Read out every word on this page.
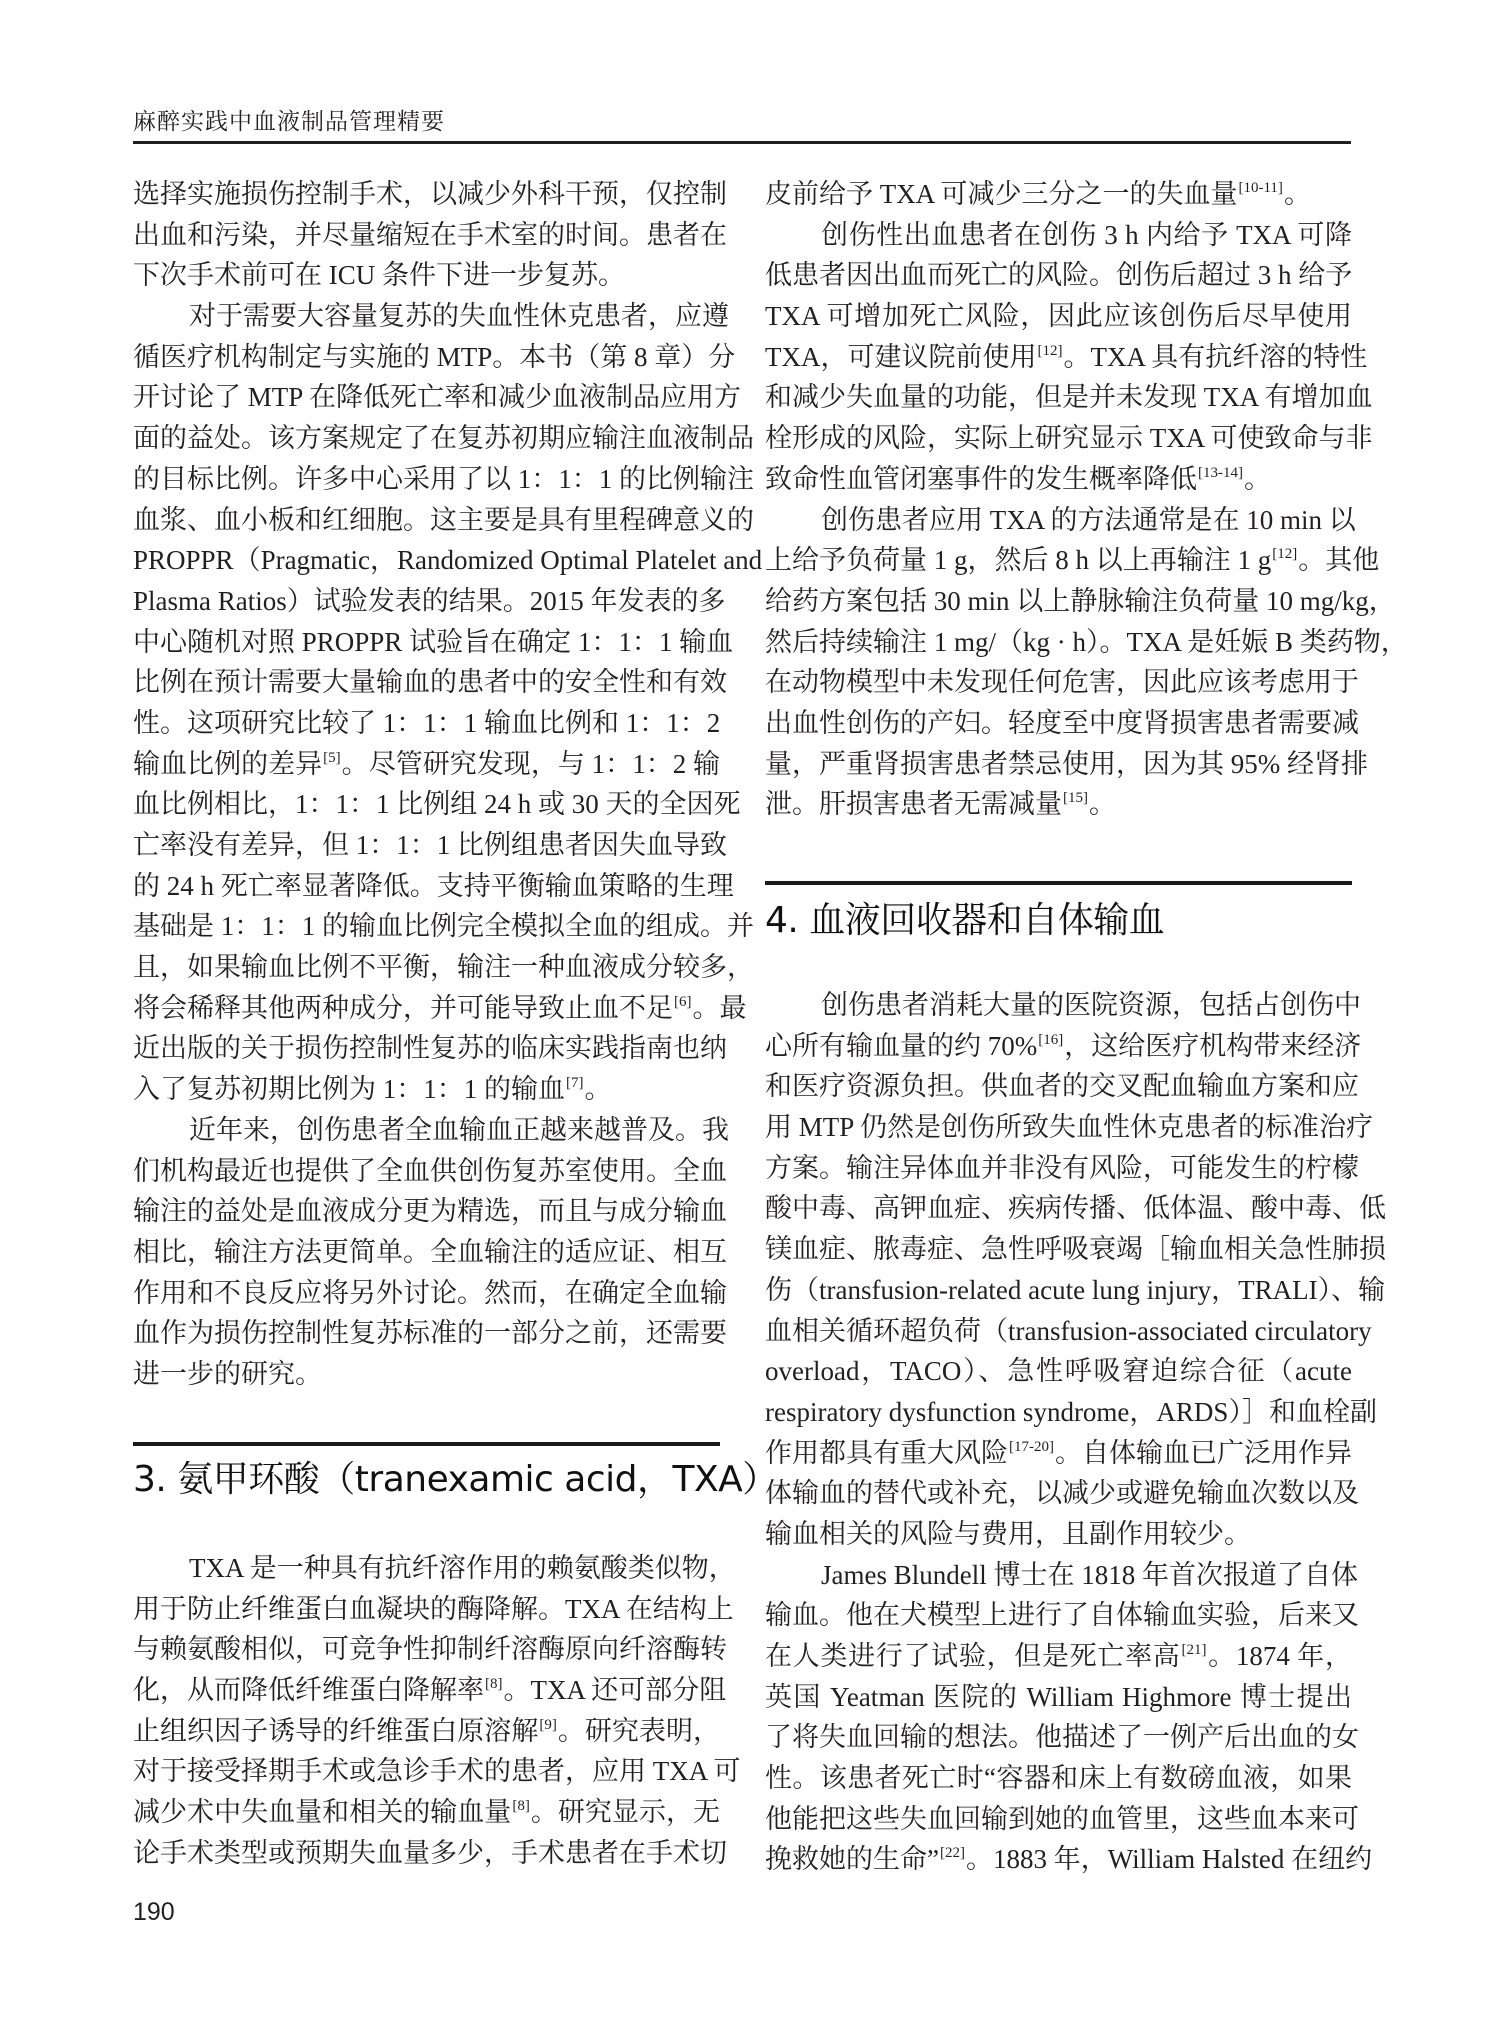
麻醉实践中血液制品管理精要
选择实施损伤控制手术，以减少外科干预，仅控制
出血和污染，并尽量缩短在手术室的时间。患者在
下次手术前可在 ICU 条件下进一步复苏。
对于需要大容量复苏的失血性休克患者，应遵
循医疗机构制定与实施的 MTP。本书（第 8 章）分
开讨论了 MTP 在降低死亡率和减少血液制品应用方
面的益处。该方案规定了在复苏初期应输注血液制品
的目标比例。许多中心采用了以 1：1：1 的比例输注
血浆、血小板和红细胞。这主要是具有里程碑意义的
PROPPR（Pragmatic，Randomized Optimal Platelet and
Plasma Ratios）试验发表的结果。2015 年发表的多
中心随机对照 PROPPR 试验旨在确定 1：1：1 输血
比例在预计需要大量输血的患者中的安全性和有效
性。这项研究比较了 1：1：1 输血比例和 1：1：2
输血比例的差异[5]。尽管研究发现，与 1：1：2 输
血比例相比，1：1：1 比例组 24 h 或 30 天的全因死
亡率没有差异，但 1：1：1 比例组患者因失血导致
的 24 h 死亡率显著降低。支持平衡输血策略的生理
基础是 1：1：1 的输血比例完全模拟全血的组成。并
且，如果输血比例不平衡，输注一种血液成分较多，
将会稀释其他两种成分，并可能导致止血不足[6]。最
近出版的关于损伤控制性复苏的临床实践指南也纳
入了复苏初期比例为 1：1：1 的输血[7]。
近年来，创伤患者全血输血正越来越普及。我
们机构最近也提供了全血供创伤复苏室使用。全血
输注的益处是血液成分更为精选，而且与成分输血
相比，输注方法更简单。全血输注的适应证、相互
作用和不良反应将另外讨论。然而，在确定全血输
血作为损伤控制性复苏标准的一部分之前，还需要
进一步的研究。
3. 氨甲环酸（tranexamic acid，TXA）
TXA 是一种具有抗纤溶作用的赖氨酸类似物，
用于防止纤维蛋白血凝块的酶降解。TXA 在结构上
与赖氨酸相似，可竞争性抑制纤溶酶原向纤溶酶转
化，从而降低纤维蛋白降解率[8]。TXA 还可部分阻
止组织因子诱导的纤维蛋白原溶解[9]。研究表明，
对于接受择期手术或急诊手术的患者，应用 TXA 可
减少术中失血量和相关的输血量[8]。研究显示，无
论手术类型或预期失血量多少，手术患者在手术切
皮前给予 TXA 可减少三分之一的失血量[10-11]。
创伤性出血患者在创伤 3 h 内给予 TXA 可降
低患者因出血而死亡的风险。创伤后超过 3 h 给予
TXA 可增加死亡风险，因此应该创伤后尽早使用
TXA，可建议院前使用[12]。TXA 具有抗纤溶的特性
和减少失血量的功能，但是并未发现 TXA 有增加血
栓形成的风险，实际上研究显示 TXA 可使致命与非
致命性血管闭塞事件的发生概率降低[13-14]。
创伤患者应用 TXA 的方法通常是在 10 min 以
上给予负荷量 1 g，然后 8 h 以上再输注 1 g[12]。其他
给药方案包括 30 min 以上静脉输注负荷量 10 mg/kg，
然后持续输注 1 mg/（kg · h）。TXA 是妊娠 B 类药物，
在动物模型中未发现任何危害，因此应该考虑用于
出血性创伤的产妇。轻度至中度肾损害患者需要减
量，严重肾损害患者禁忌使用，因为其 95% 经肾排
泄。肝损害患者无需减量[15]。
4. 血液回收器和自体输血
创伤患者消耗大量的医院资源，包括占创伤中
心所有输血量的约 70%[16]，这给医疗机构带来经济
和医疗资源负担。供血者的交叉配血输血方案和应
用 MTP 仍然是创伤所致失血性休克患者的标准治疗
方案。输注异体血并非没有风险，可能发生的柠檬
酸中毒、高钾血症、疾病传播、低体温、酸中毒、低
镁血症、脓毒症、急性呼吸衰竭［输血相关急性肺损
伤（transfusion-related acute lung injury，TRALI）、输
血相关循环超负荷（transfusion-associated circulatory
overload，TACO）、急性呼吸窘迫综合征（acute
respiratory dysfunction syndrome，ARDS）］和血栓副
作用都具有重大风险[17-20]。自体输血已广泛用作异
体输血的替代或补充，以减少或避免输血次数以及
输血相关的风险与费用，且副作用较少。
James Blundell 博士在 1818 年首次报道了自体
输血。他在犬模型上进行了自体输血实验，后来又
在人类进行了试验，但是死亡率高[21]。1874 年，
英国 Yeatman 医院的 William Highmore 博士提出
了将失血回输的想法。他描述了一例产后出血的女
性。该患者死亡时“容器和床上有数磅血液，如果
他能把这些失血回输到她的血管里，这些血本来可
挽救她的生命”[22]。1883 年，William Halsted 在纽约
190
